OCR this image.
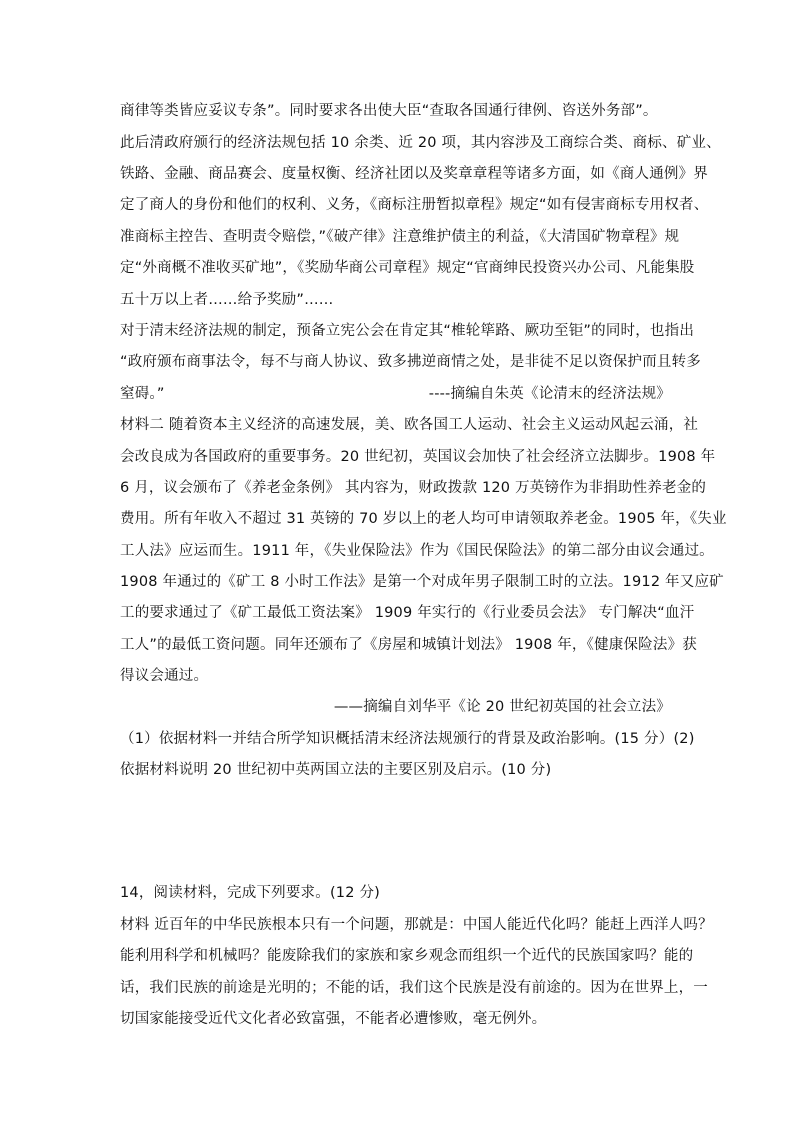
商律等类皆应妥议专条”。同时要求各出使大臣“查取各国通行律例、咨送外务部”。
此后清政府颁行的经济法规包括 10 余类、近 20 项，其内容涉及工商综合类、商标、矿业、
铁路、金融、商品赛会、度量权衡、经济社团以及奖章章程等诸多方面，如《商人通例》界
定了商人的身份和他们的权利、义务，《商标注册暂拟章程》规定“如有侵害商标专用权者、
准商标主控告、查明责令赔偿，”《破产律》注意维护债主的利益，《大清国矿物章程》规
定“外商概不准收买矿地”，《奖励华商公司章程》规定“官商绅民投资兴办公司、凡能集股
五十万以上者……给予奖励”……
对于清末经济法规的制定，预备立宪公会在肯定其“椎轮筚路、厥功至钜”的同时，也指出
“政府颁布商事法令，每不与商人协议、致多拂逆商情之处，是非徒不足以资保护而且转多
窒碍。”	----摘编自朱英《论清末的经济法规》
材料二 随着资本主义经济的高速发展，美、欧各国工人运动、社会主义运动风起云涌，社
会改良成为各国政府的重要事务。20 世纪初，英国议会加快了社会经济立法脚步。1908 年
6 月，议会颁布了《养老金条例》 其内容为，财政拨款 120 万英镑作为非捐助性养老金的
费用。所有年收入不超过 31 英镑的 70 岁以上的老人均可申请领取养老金。1905 年，《失业
工人法》应运而生。1911 年，《失业保险法》作为《国民保险法》的第二部分由议会通过。
1908 年通过的《矿工 8 小时工作法》是第一个对成年男子限制工时的立法。1912 年又应矿
工的要求通过了《矿工最低工资法案》 1909 年实行的《行业委员会法》 专门解决“血汗
工人”的最低工资问题。同年还颁布了《房屋和城镇计划法》 1908 年，《健康保险法》获
得议会通过。
——摘编自刘华平《论 20 世纪初英国的社会立法》
（1）依据材料一并结合所学知识概括清末经济法规颁行的背景及政治影响。(15 分）(2)
依据材料说明 20 世纪初中英两国立法的主要区别及启示。(10 分)
14，阅读材料，完成下列要求。(12 分)
材料 近百年的中华民族根本只有一个问题，那就是：中国人能近代化吗？能赶上西洋人吗？
能利用科学和机械吗？能废除我们的家族和家乡观念而组织一个近代的民族国家吗？能的
话，我们民族的前途是光明的；不能的话，我们这个民族是没有前途的。因为在世界上，一
切国家能接受近代文化者必致富强，不能者必遭惨败，毫无例外。
